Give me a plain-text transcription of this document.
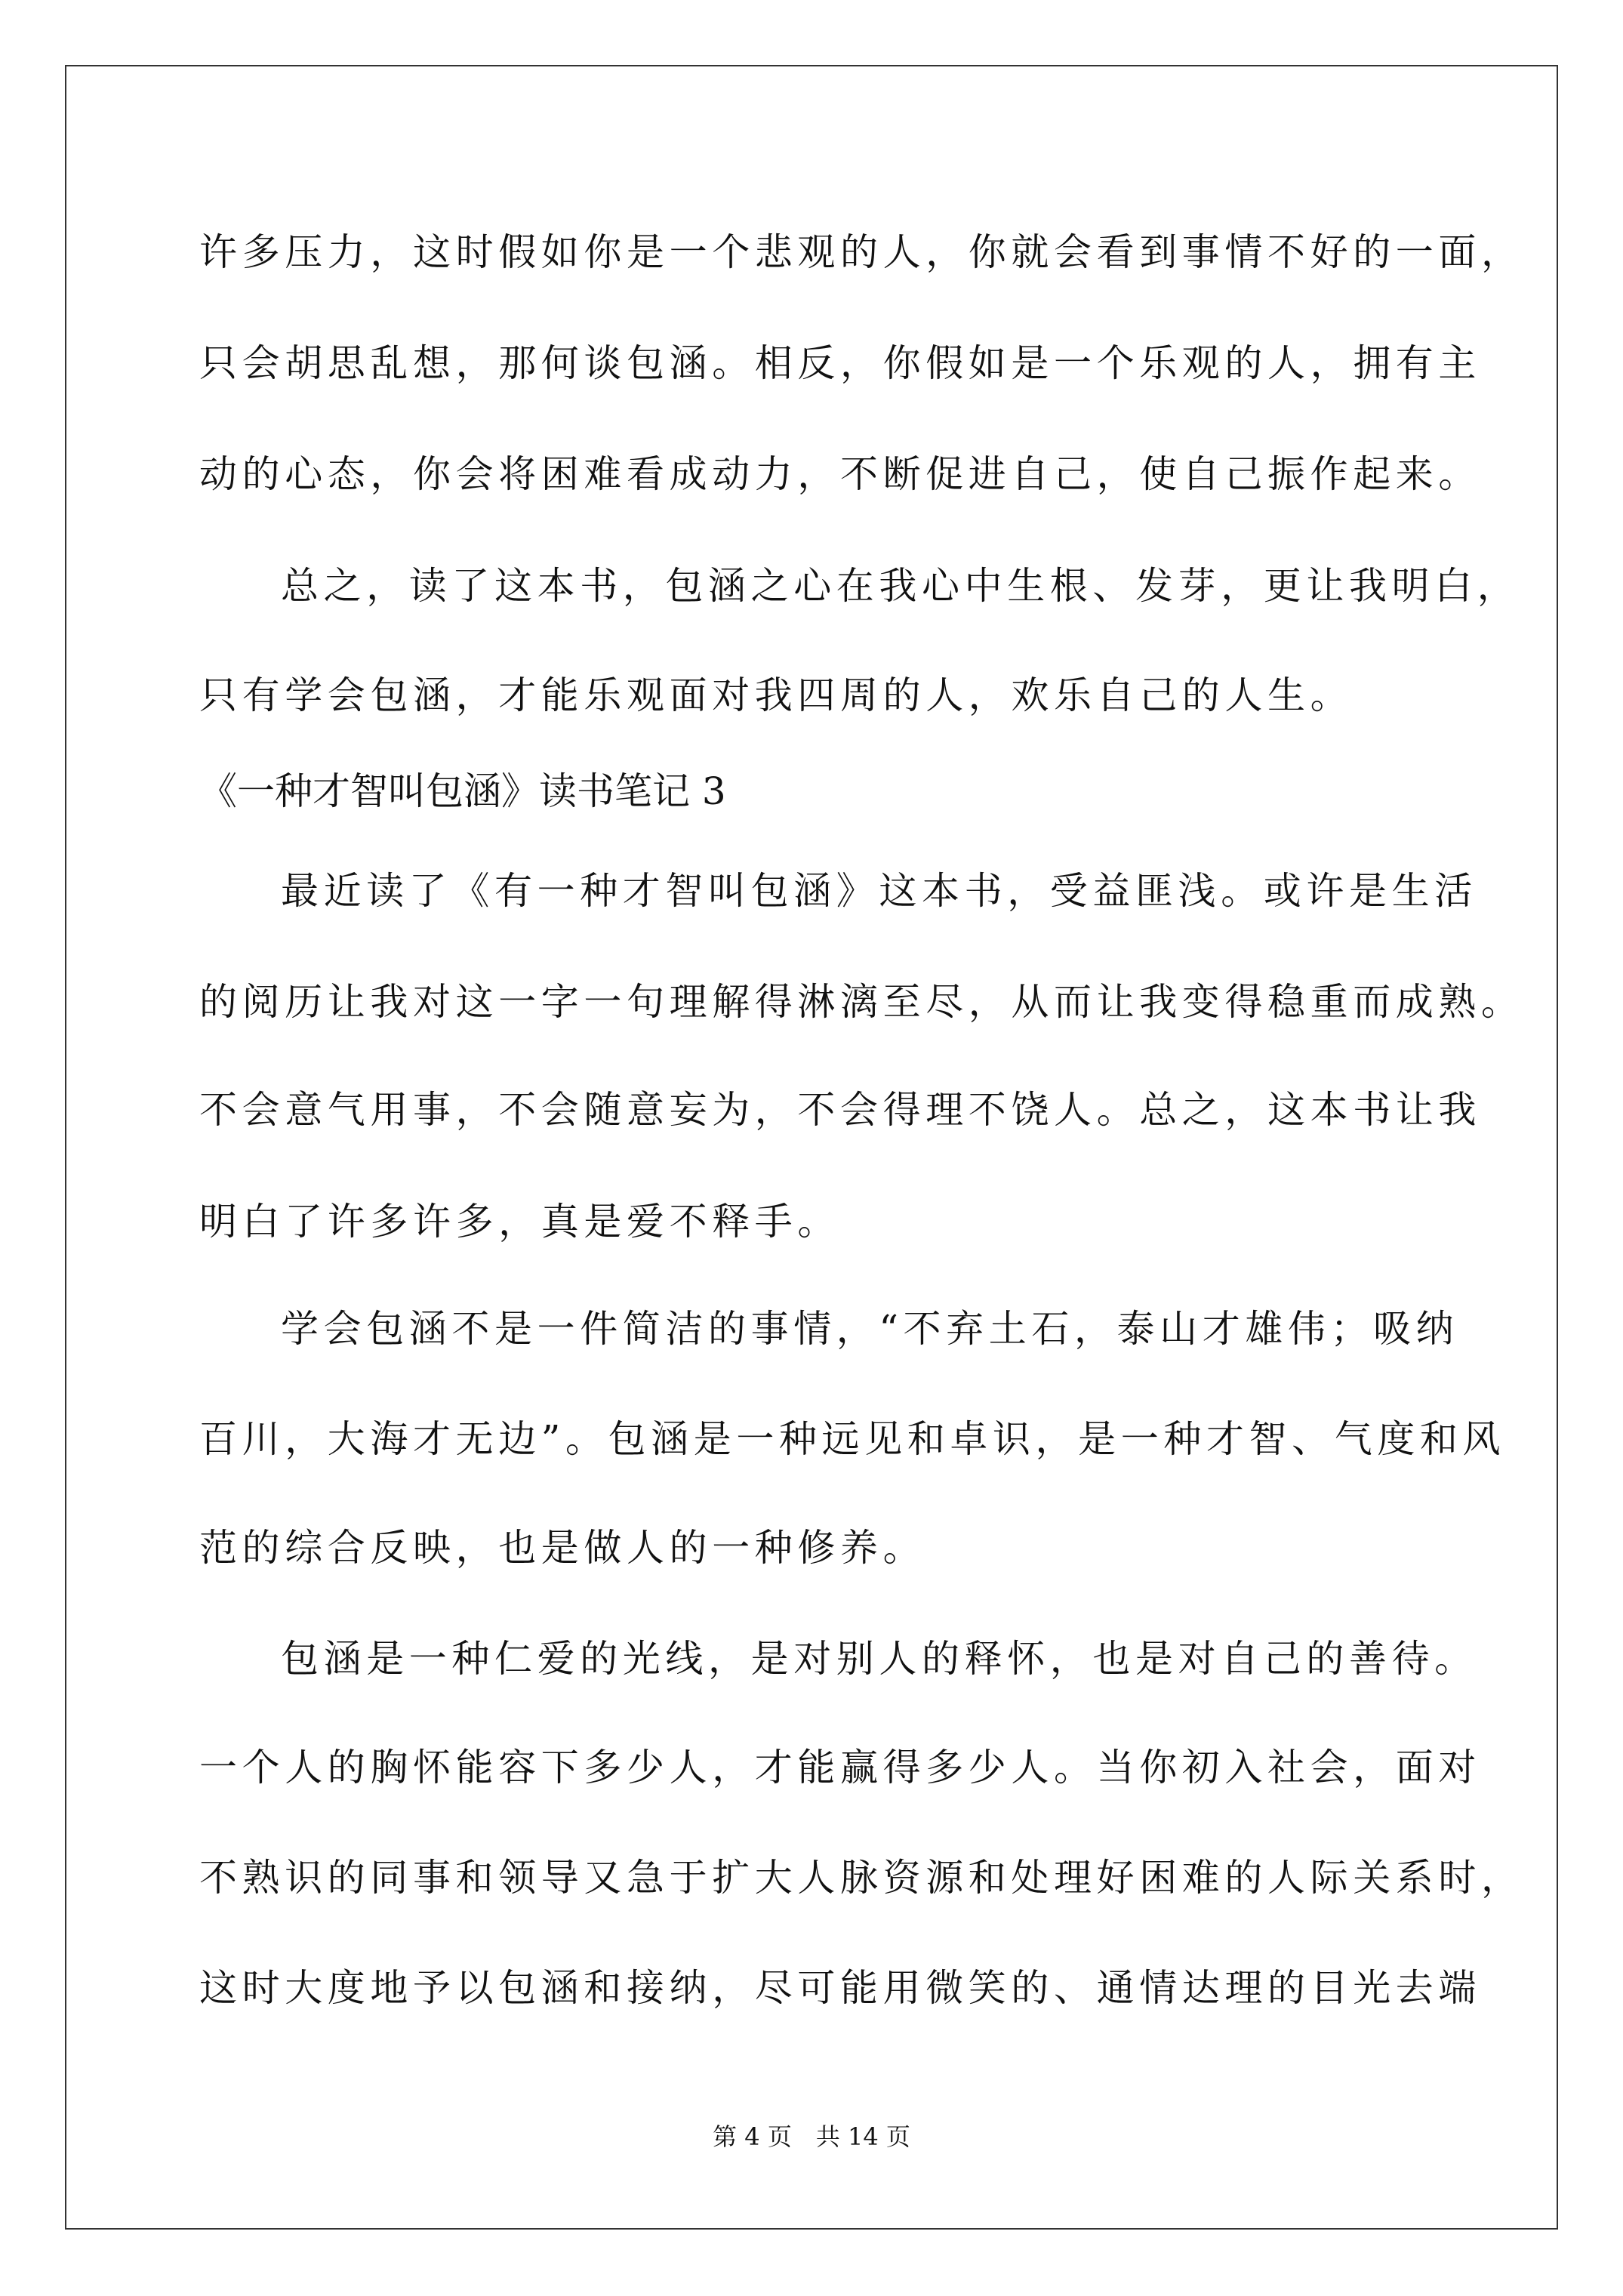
许多压力，这时假如你是一个悲观的人，你就会看到事情不好的一面，
只会胡思乱想，那何谈包涵。相反，你假如是一个乐观的人，拥有主
动的心态，你会将困难看成动力，不断促进自己，使自己振作起来。
总之，读了这本书，包涵之心在我心中生根、发芽，更让我明白，
只有学会包涵，才能乐观面对我四周的人，欢乐自己的人生。
《一种才智叫包涵》读书笔记 3
最近读了《有一种才智叫包涵》这本书，受益匪浅。或许是生活
的阅历让我对这一字一句理解得淋漓至尽，从而让我变得稳重而成熟。
不会意气用事，不会随意妄为，不会得理不饶人。总之，这本书让我
明白了许多许多，真是爱不释手。
学会包涵不是一件简洁的事情，“不弃土石，泰山才雄伟；吸纳
百川，大海才无边”。包涵是一种远见和卓识，是一种才智、气度和风
范的综合反映，也是做人的一种修养。
包涵是一种仁爱的光线，是对别人的释怀，也是对自己的善待。
一个人的胸怀能容下多少人，才能赢得多少人。当你初入社会，面对
不熟识的同事和领导又急于扩大人脉资源和处理好困难的人际关系时，
这时大度地予以包涵和接纳，尽可能用微笑的、通情达理的目光去端
第 4 页　共 14 页
